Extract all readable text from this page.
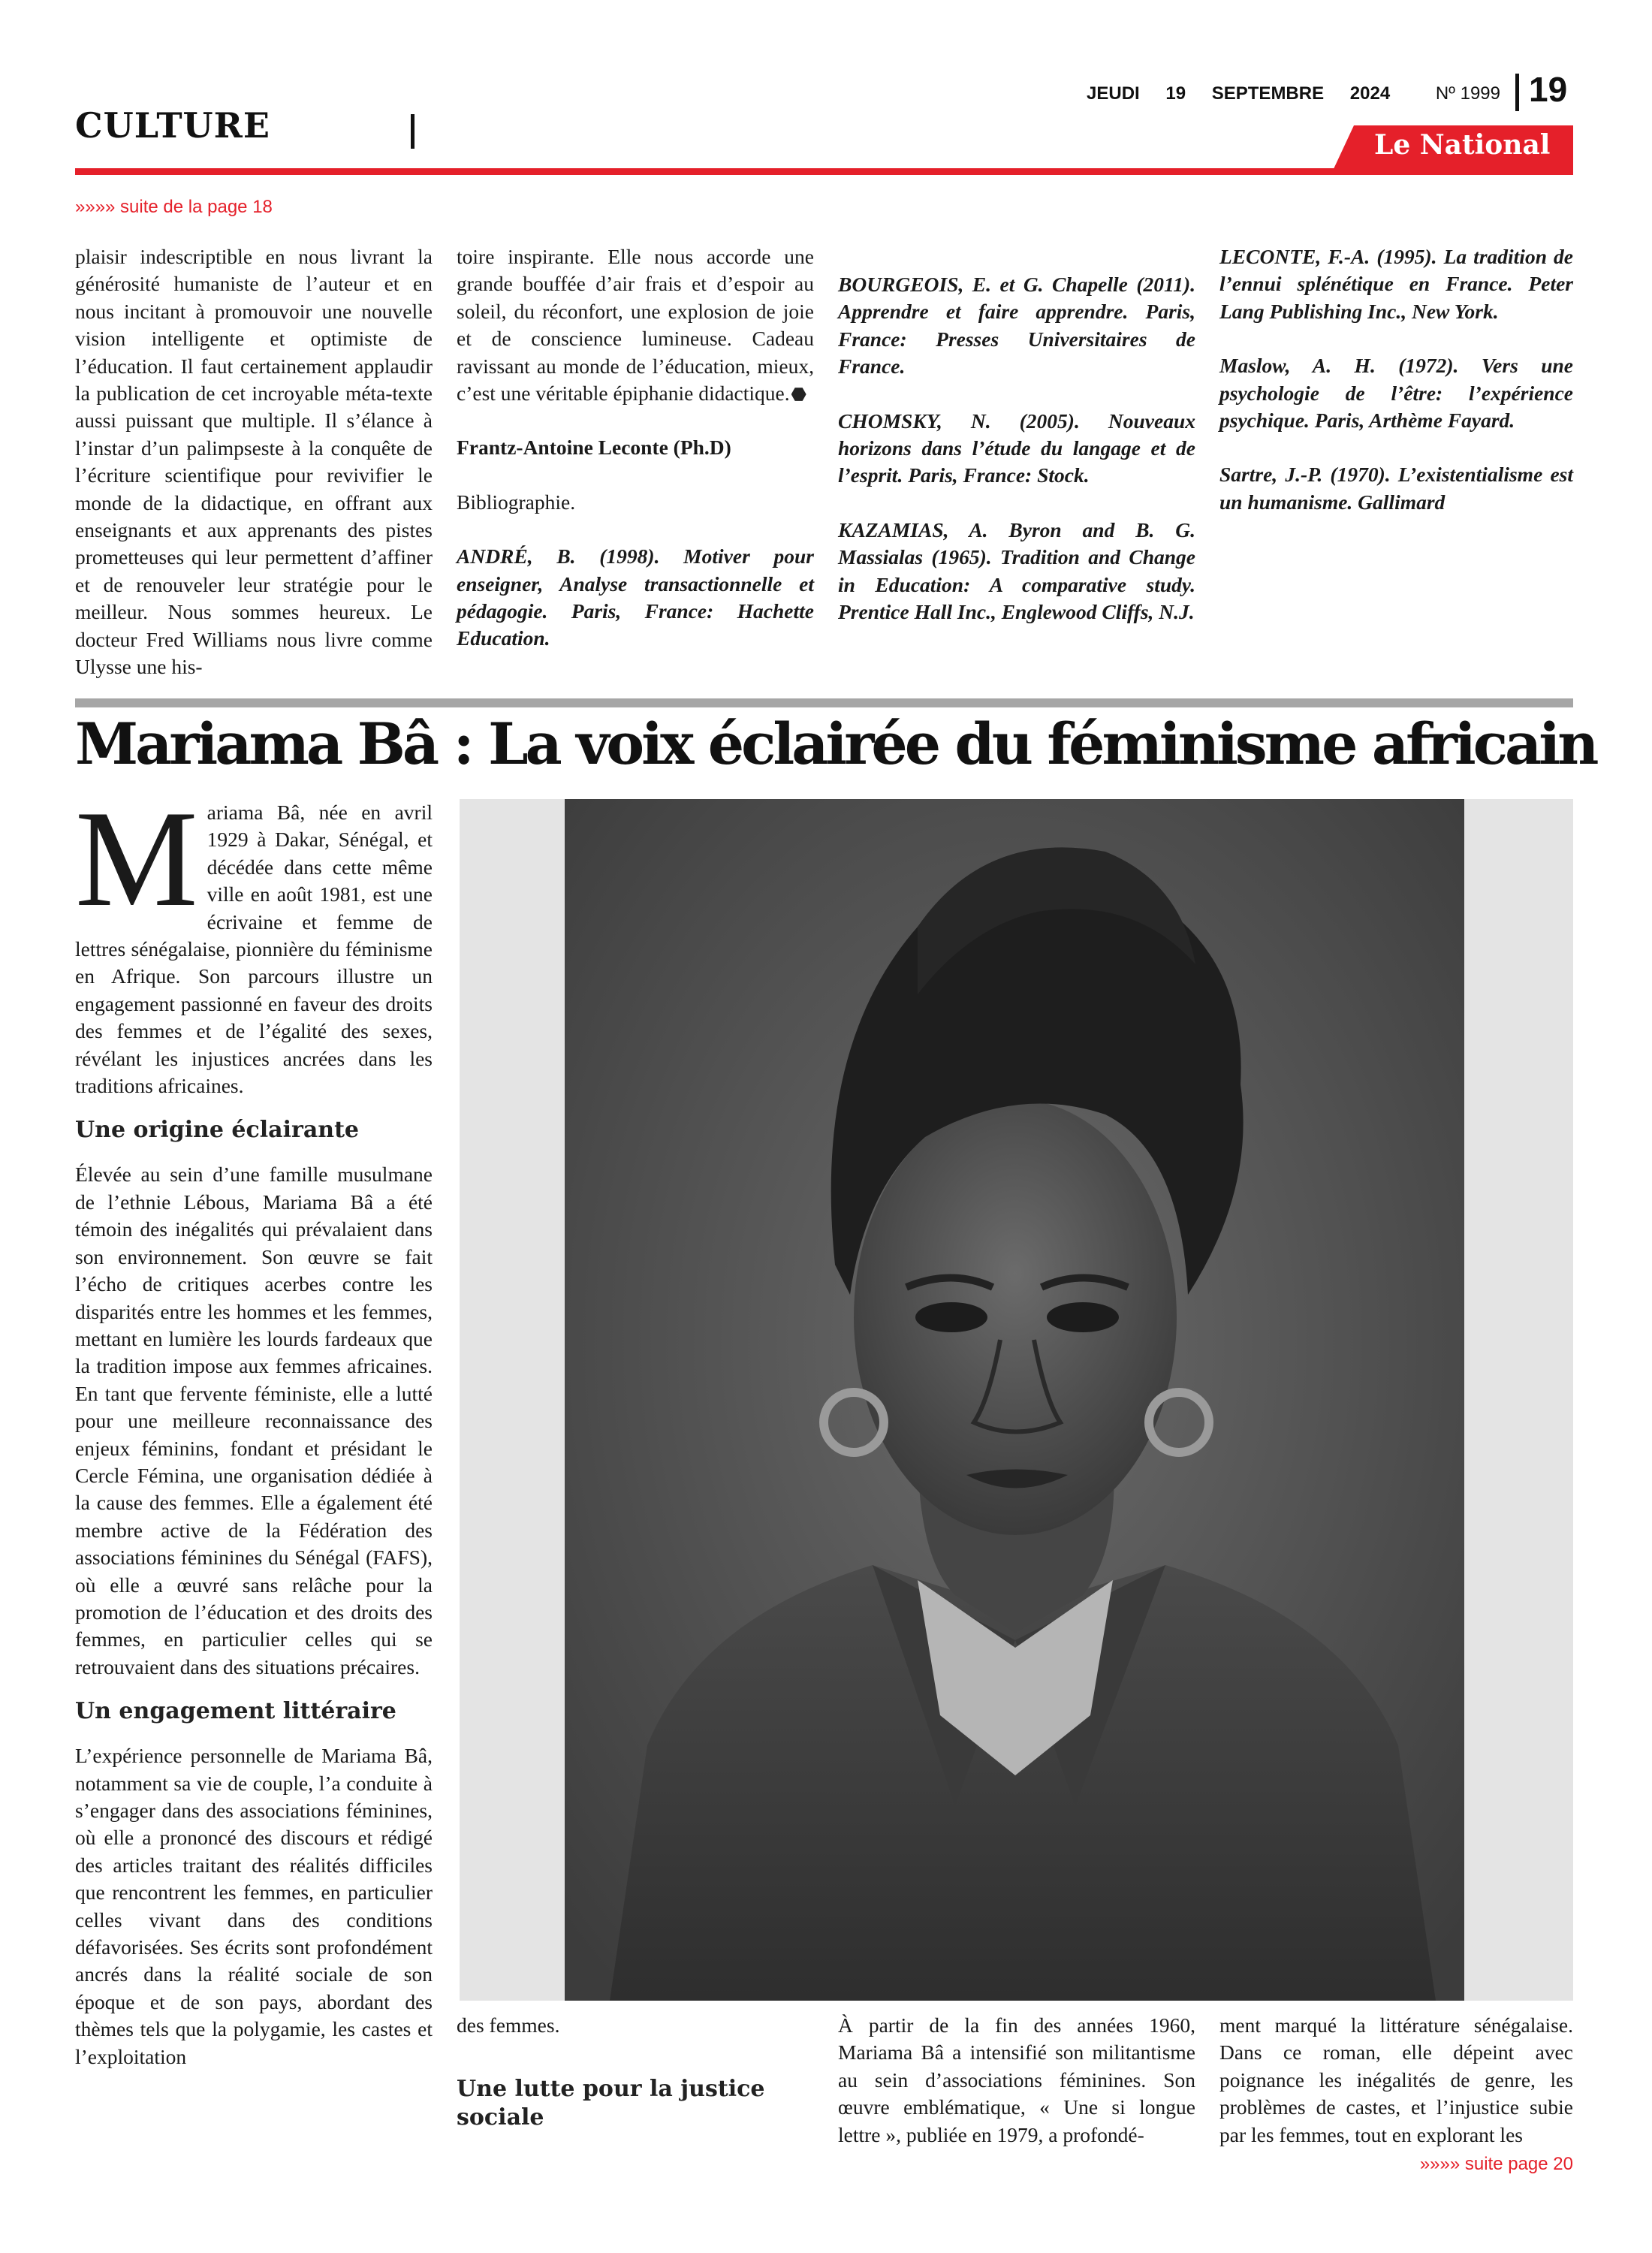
CULTURE
JEUDI 19 SEPTEMBRE 2024	Nº 1999 19
Le National
»»»» suite de la page 18

plaisir indescriptible en nous livrant la générosité humaniste de l’auteur et en nous incitant à promouvoir une nouvelle vision intelligente et optimiste de l’éducation. Il faut certainement applaudir la publication de cet incroyable méta-texte aussi puissant que multiple. Il s’élance à l’instar d’un palimpseste à la conquête de l’écriture scientifique pour revivifier le monde de la didactique, en offrant aux enseignants et aux apprenants des pistes prometteuses qui leur permettent d’affiner et de renouveler leur stratégie pour le meilleur. Nous sommes heureux. Le docteur Fred Williams nous livre comme Ulysse une his-

toire inspirante. Elle nous accorde une grande bouffée d’air frais et d’espoir au soleil, du réconfort, une explosion de joie et de conscience lumineuse. Cadeau ravissant au monde de l’éducation, mieux, c’est une véritable épiphanie didactique.

Frantz-Antoine Leconte (Ph.D)

Bibliographie.

ANDRÉ, B. (1998). Motiver pour enseigner, Analyse transactionnelle et pédagogie. Paris, France: Hachette Education.

BOURGEOIS, E. et G. Chapelle (2011). Apprendre et faire apprendre. Paris, France: Presses Universitaires de France.

CHOMSKY, N. (2005). Nouveaux horizons dans l’étude du langage et de l’esprit. Paris, France: Stock.

KAZAMIAS, A. Byron and B. G. Massialas (1965). Tradition and Change in Education: A comparative study. Prentice Hall Inc., Englewood Cliffs, N.J.

LECONTE, F.-A. (1995). La tradition de l’ennui splénétique en France. Peter Lang Publishing Inc., New York.

Maslow, A. H. (1972). Vers une psychologie de l’être: l’expérience psychique. Paris, Arthème Fayard.

Sartre, J.-P. (1970). L’existentialisme est un humanisme. Gallimard

Mariama Bâ : La voix éclairée du féminisme africain
M ariama Bâ, née en avril 1929 à Dakar, Sénégal, et décédée dans cette même ville en août 1981, est une écrivaine et femme de lettres sénégalaise, pionnière du féminisme en Afrique. Son parcours illustre un engagement passionné en faveur des droits des femmes et de l’égalité des sexes, révélant les injustices ancrées dans les traditions africaines.

Une origine éclairante

Élevée au sein d’une famille musulmane de l’ethnie Lébous, Mariama Bâ a été témoin des inégalités qui prévalaient dans son environnement. Son œuvre se fait l’écho de critiques acerbes contre les disparités entre les hommes et les femmes, mettant en lumière les lourds fardeaux que la tradition impose aux femmes africaines. En tant que fervente féministe, elle a lutté pour une meilleure reconnaissance des enjeux féminins, fondant et présidant le Cercle Fémina, une organisation dédiée à la cause des femmes. Elle a également été membre active de la Fédération des associations féminines du Sénégal (FAFS), où elle a œuvré sans relâche pour la promotion de l’éducation et des droits des femmes, en particulier celles qui se retrouvaient dans des situations précaires.

Un engagement littéraire

L’expérience personnelle de Mariama Bâ, notamment sa vie de couple, l’a conduite à s’engager dans des associations féminines, où elle a prononcé des discours et rédigé des articles traitant des réalités difficiles que rencontrent les femmes, en particulier celles vivant dans des conditions défavorisées. Ses écrits sont profondément ancrés dans la réalité sociale de son époque et de son pays, abordant des thèmes tels que la polygamie, les castes et l’exploitation

des femmes.

Une lutte pour la justice sociale

À partir de la fin des années 1960, Mariama Bâ a intensifié son militantisme au sein d’associations féminines. Son œuvre emblématique, « Une si longue lettre », publiée en 1979, a profondé-

ment marqué la littérature sénégalaise. Dans ce roman, elle dépeint avec poignance les inégalités de genre, les problèmes de castes, et l’injustice subie par les femmes, tout en explorant les

»»»» suite page 20
